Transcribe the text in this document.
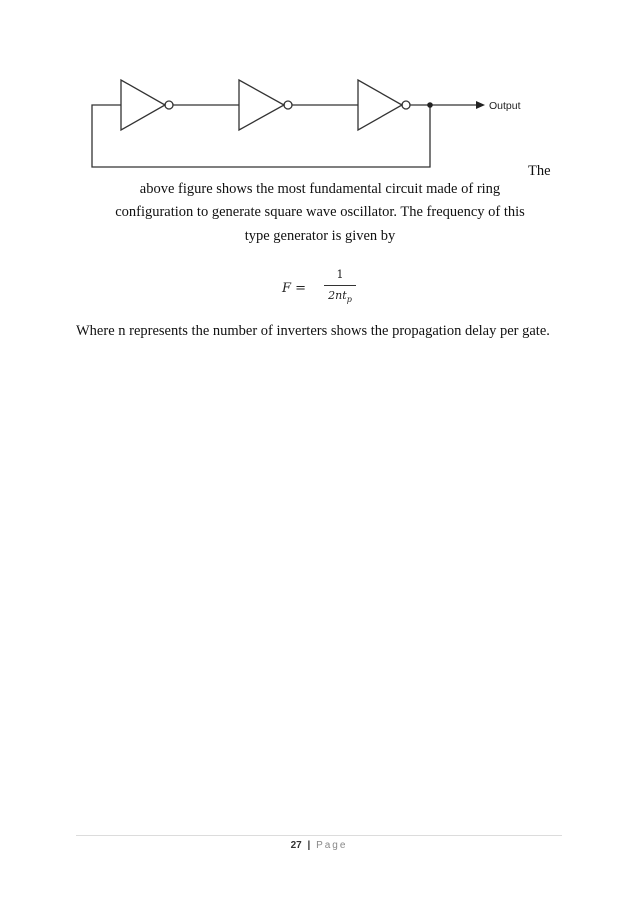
Output
The
above figure shows the most fundamental circuit made of ring
configuration to generate square wave oscillator. The frequency of this
type generator is given by
F =
1
$2nt_p$
Where n represents the number of inverters shows the propagation delay per gate.
27 | Page
